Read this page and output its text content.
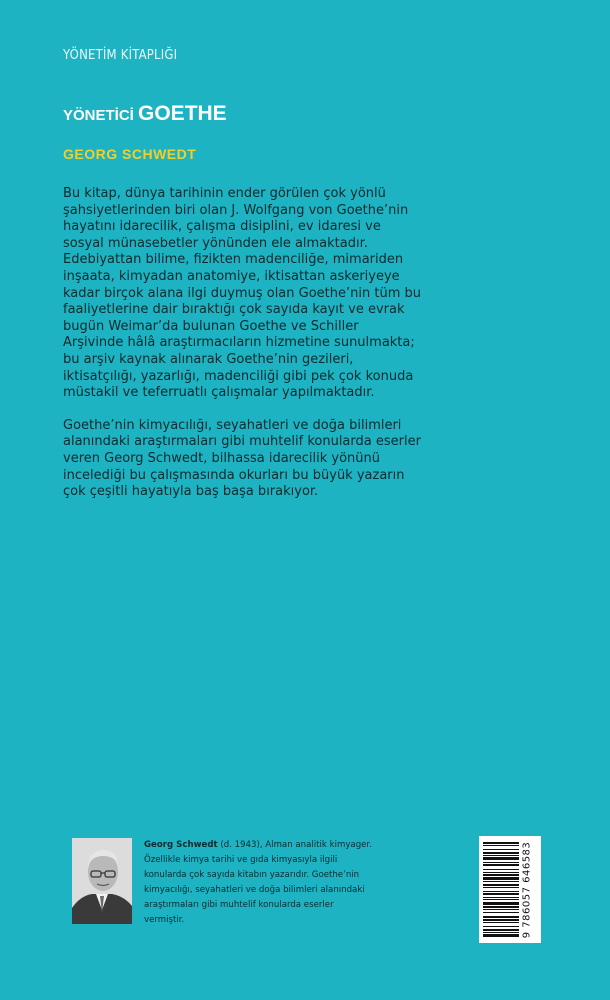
YÖNETİM KİTAPLIĞI
YÖNETİCİ GOETHE
GEORG SCHWEDT

Bu kitap, dünya tarihinin ender görülen çok yönlü şahsiyetlerinden biri olan J. Wolfgang von Goethe’nin hayatını idarecilik, çalışma disiplini, ev idaresi ve sosyal münasebetler yönünden ele almaktadır. Edebiyattan bilime, fizikten madenciliğe, mimariden inşaata, kimyadan anatomiye, iktisattan askeriyeye kadar birçok alana ilgi duymuş olan Goethe’nin tüm bu faaliyetlerine dair bıraktığı çok sayıda kayıt ve evrak bugün Weimar’da bulunan Goethe ve Schiller Arşivinde hâlâ araştırmacıların hizmetine sunulmakta; bu arşiv kaynak alınarak Goethe’nin gezileri, iktisatçılığı, yazarlığı, madenciliği gibi pek çok konuda müstakil ve teferruatlı çalışmalar yapılmaktadır.

Goethe’nin kimyacılığı, seyahatleri ve doğa bilimleri alanındaki araştırmaları gibi muhtelif konularda eserler veren Georg Schwedt, bilhassa idarecilik yönünü incelediği bu çalışmasında okurları bu büyük yazarın çok çeşitli hayatıyla baş başa bırakıyor.

Georg Schwedt (d. 1943), Alman analitik kimyager. Özellikle kimya tarihi ve gıda kimyasıyla ilgili konularda çok sayıda kitabın yazarıdır. Goethe’nin kimyacılığı, seyahatleri ve doğa bilimleri alanındaki araştırmaları gibi muhtelif konularda eserler vermiştir.	9 786057 646583
